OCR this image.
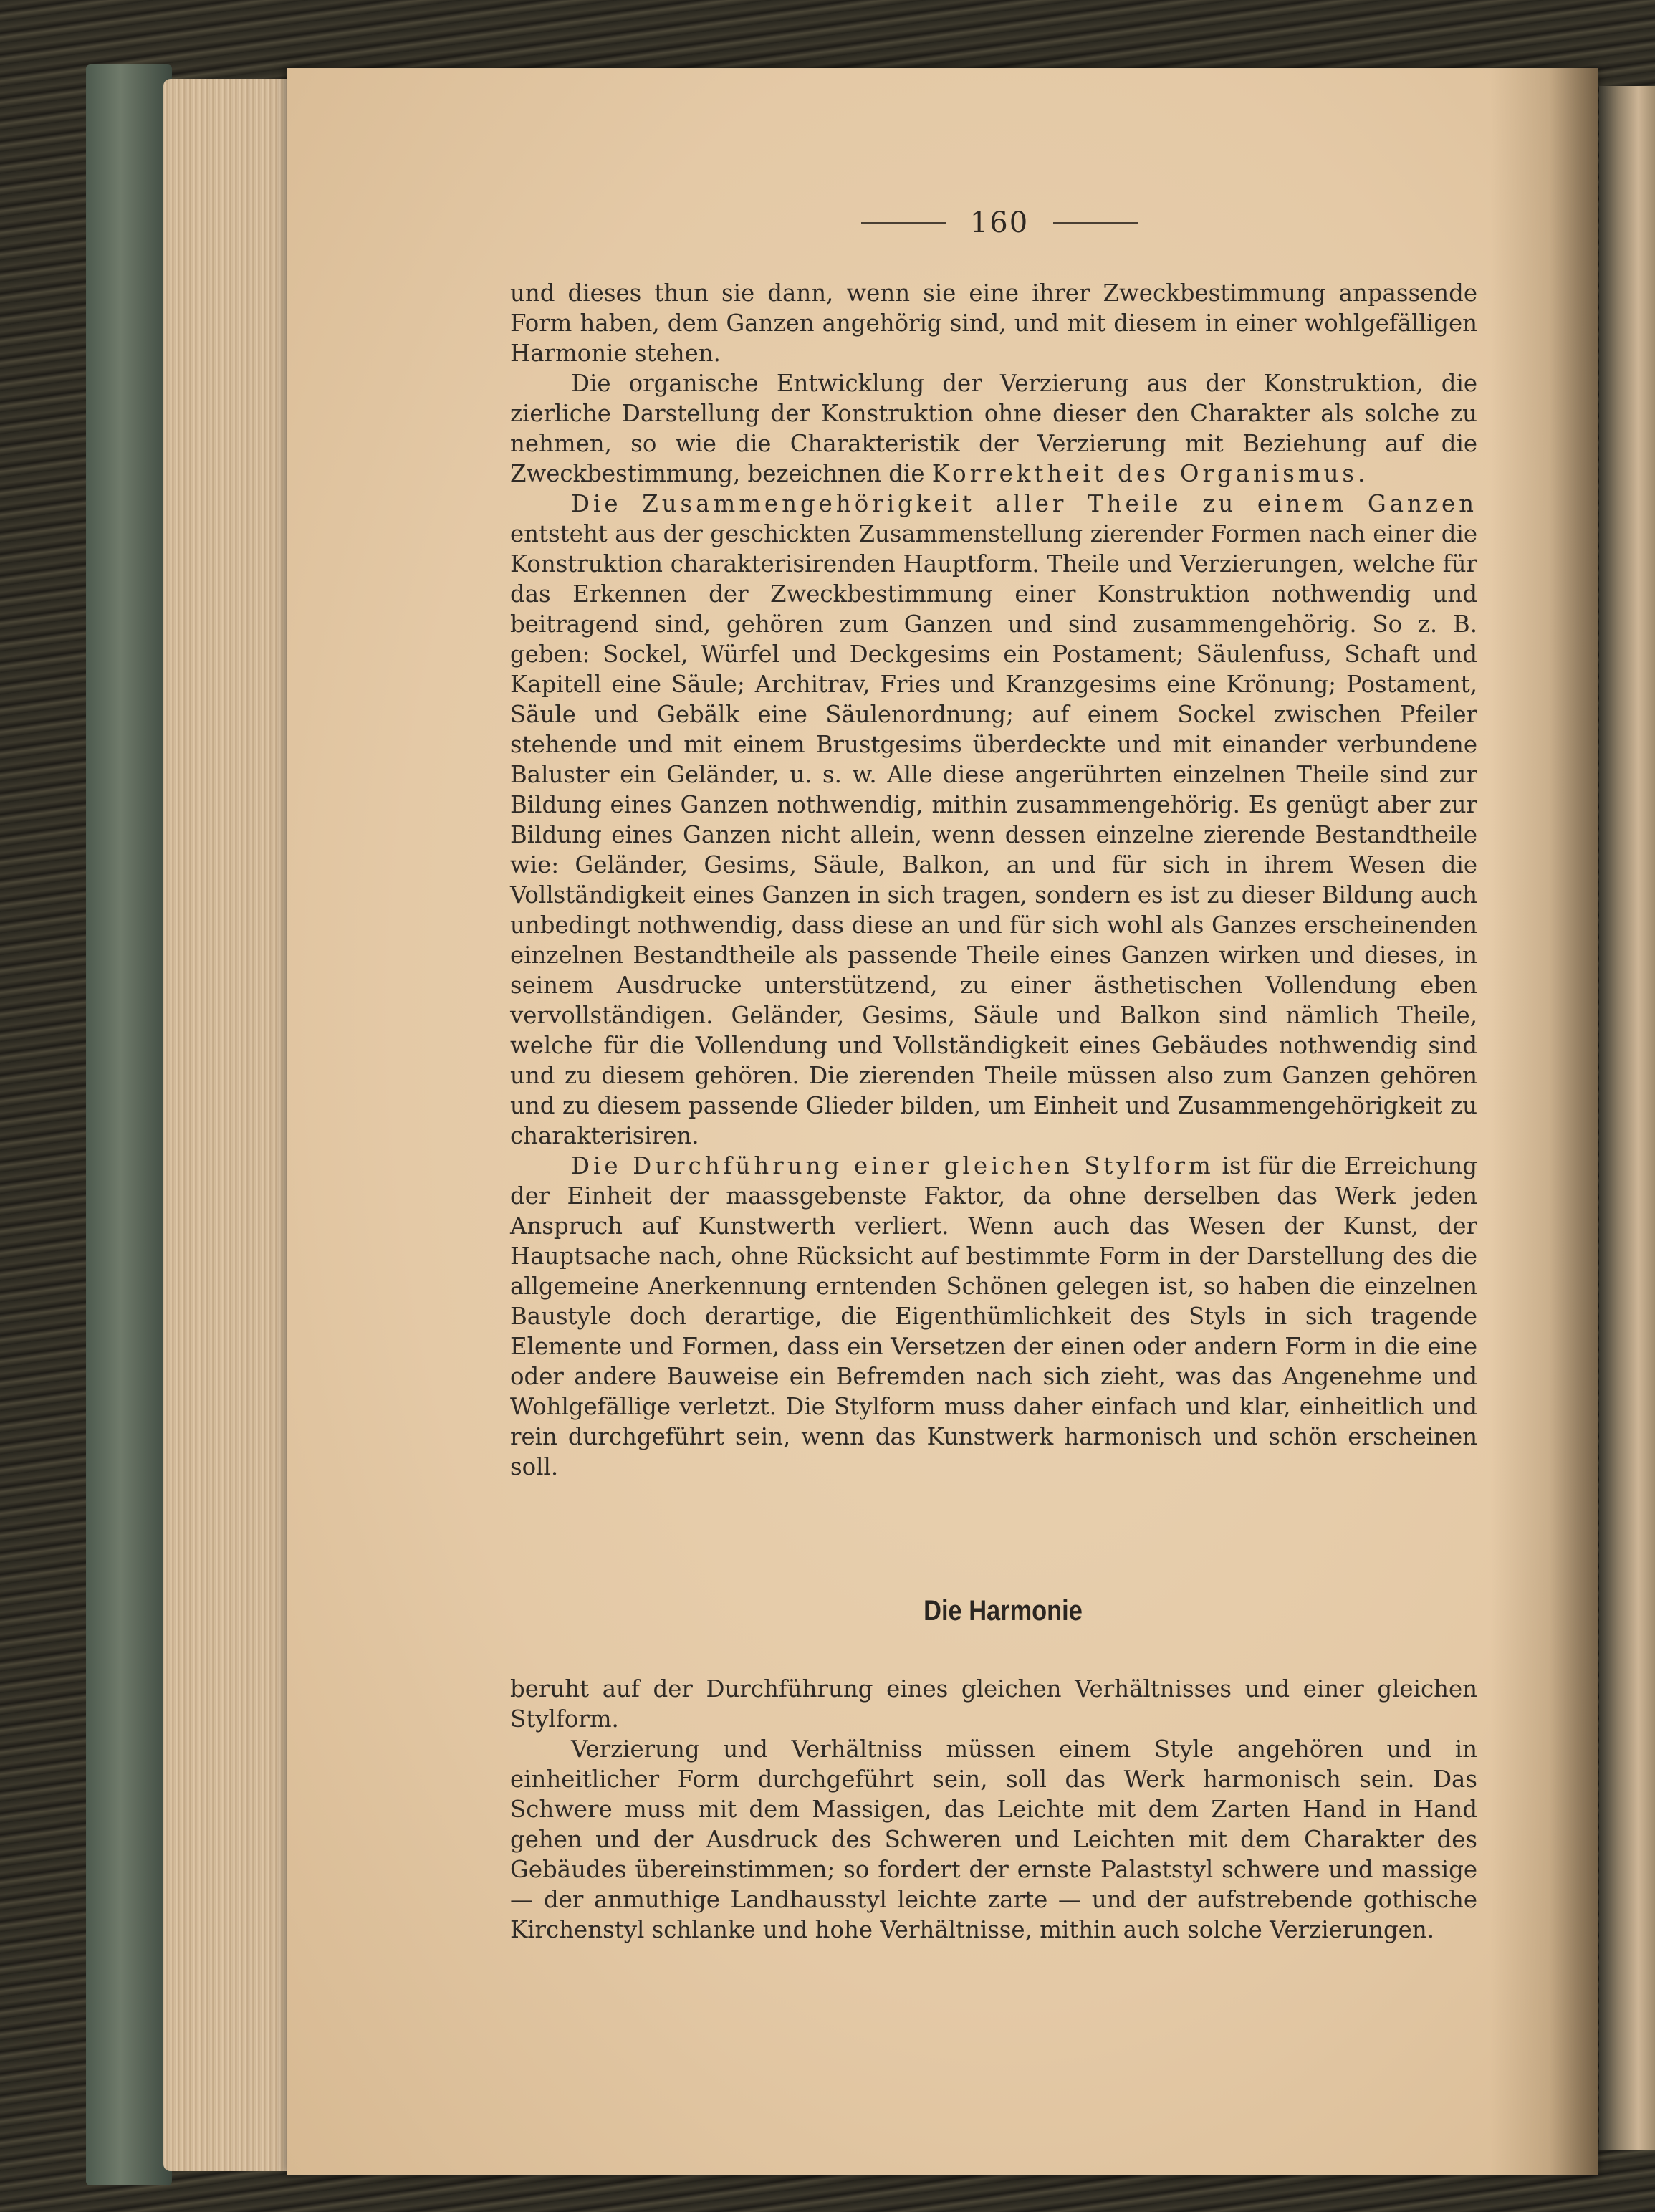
160

und dieses thun sie dann, wenn sie eine ihrer Zweckbestimmung anpassende Form haben, dem Ganzen angehörig sind, und mit diesem in einer wohlgefälligen Harmonie stehen.

Die organische Entwicklung der Verzierung aus der Konstruktion, die zierliche Darstellung der Konstruktion ohne dieser den Charakter als solche zu nehmen, so wie die Charakteristik der Verzierung mit Beziehung auf die Zweckbestimmung, bezeichnen die Korrektheit des Organismus.

Die Zusammengehörigkeit aller Theile zu einem Ganzen entsteht aus der geschickten Zusammenstellung zierender Formen nach einer die Konstruktion charakterisirenden Hauptform. Theile und Verzierungen, welche für das Erkennen der Zweckbestimmung einer Konstruktion nothwendig und beitragend sind, gehören zum Ganzen und sind zusammengehörig. So z. B. geben: Sockel, Würfel und Deckgesims ein Postament; Säulenfuss, Schaft und Kapitell eine Säule; Architrav, Fries und Kranzgesims eine Krönung; Postament, Säule und Gebälk eine Säulenordnung; auf einem Sockel zwischen Pfeiler stehende und mit einem Brustgesims überdeckte und mit einander verbundene Baluster ein Geländer, u. s. w. Alle diese angerührten einzelnen Theile sind zur Bildung eines Ganzen nothwendig, mithin zusammengehörig. Es genügt aber zur Bildung eines Ganzen nicht allein, wenn dessen einzelne zierende Bestandtheile wie: Geländer, Gesims, Säule, Balkon, an und für sich in ihrem Wesen die Vollständigkeit eines Ganzen in sich tragen, sondern es ist zu dieser Bildung auch unbedingt nothwendig, dass diese an und für sich wohl als Ganzes erscheinenden einzelnen Bestandtheile als passende Theile eines Ganzen wirken und dieses, in seinem Ausdrucke unterstützend, zu einer ästhetischen Vollendung eben vervollständigen. Geländer, Gesims, Säule und Balkon sind nämlich Theile, welche für die Vollendung und Vollständigkeit eines Gebäudes nothwendig sind und zu diesem gehören. Die zierenden Theile müssen also zum Ganzen gehören und zu diesem passende Glieder bilden, um Einheit und Zusammengehörigkeit zu charakterisiren.

Die Durchführung einer gleichen Stylform ist für die Erreichung der Einheit der maassgebenste Faktor, da ohne derselben das Werk jeden Anspruch auf Kunstwerth verliert. Wenn auch das Wesen der Kunst, der Hauptsache nach, ohne Rücksicht auf bestimmte Form in der Darstellung des die allgemeine Anerkennung erntenden Schönen gelegen ist, so haben die einzelnen Baustyle doch derartige, die Eigenthümlichkeit des Styls in sich tragende Elemente und Formen, dass ein Versetzen der einen oder andern Form in die eine oder andere Bauweise ein Befremden nach sich zieht, was das Angenehme und Wohlgefällige verletzt. Die Stylform muss daher einfach und klar, einheitlich und rein durchgeführt sein, wenn das Kunstwerk harmonisch und schön erscheinen soll.

Die Harmonie

beruht auf der Durchführung eines gleichen Verhältnisses und einer gleichen Stylform.

Verzierung und Verhältniss müssen einem Style angehören und in einheitlicher Form durchgeführt sein, soll das Werk harmonisch sein. Das Schwere muss mit dem Massigen, das Leichte mit dem Zarten Hand in Hand gehen und der Ausdruck des Schweren und Leichten mit dem Charakter des Gebäudes übereinstimmen; so fordert der ernste Palaststyl schwere und massige — der anmuthige Landhausstyl leichte zarte — und der aufstrebende gothische Kirchenstyl schlanke und hohe Verhältnisse, mithin auch solche Verzierungen.
